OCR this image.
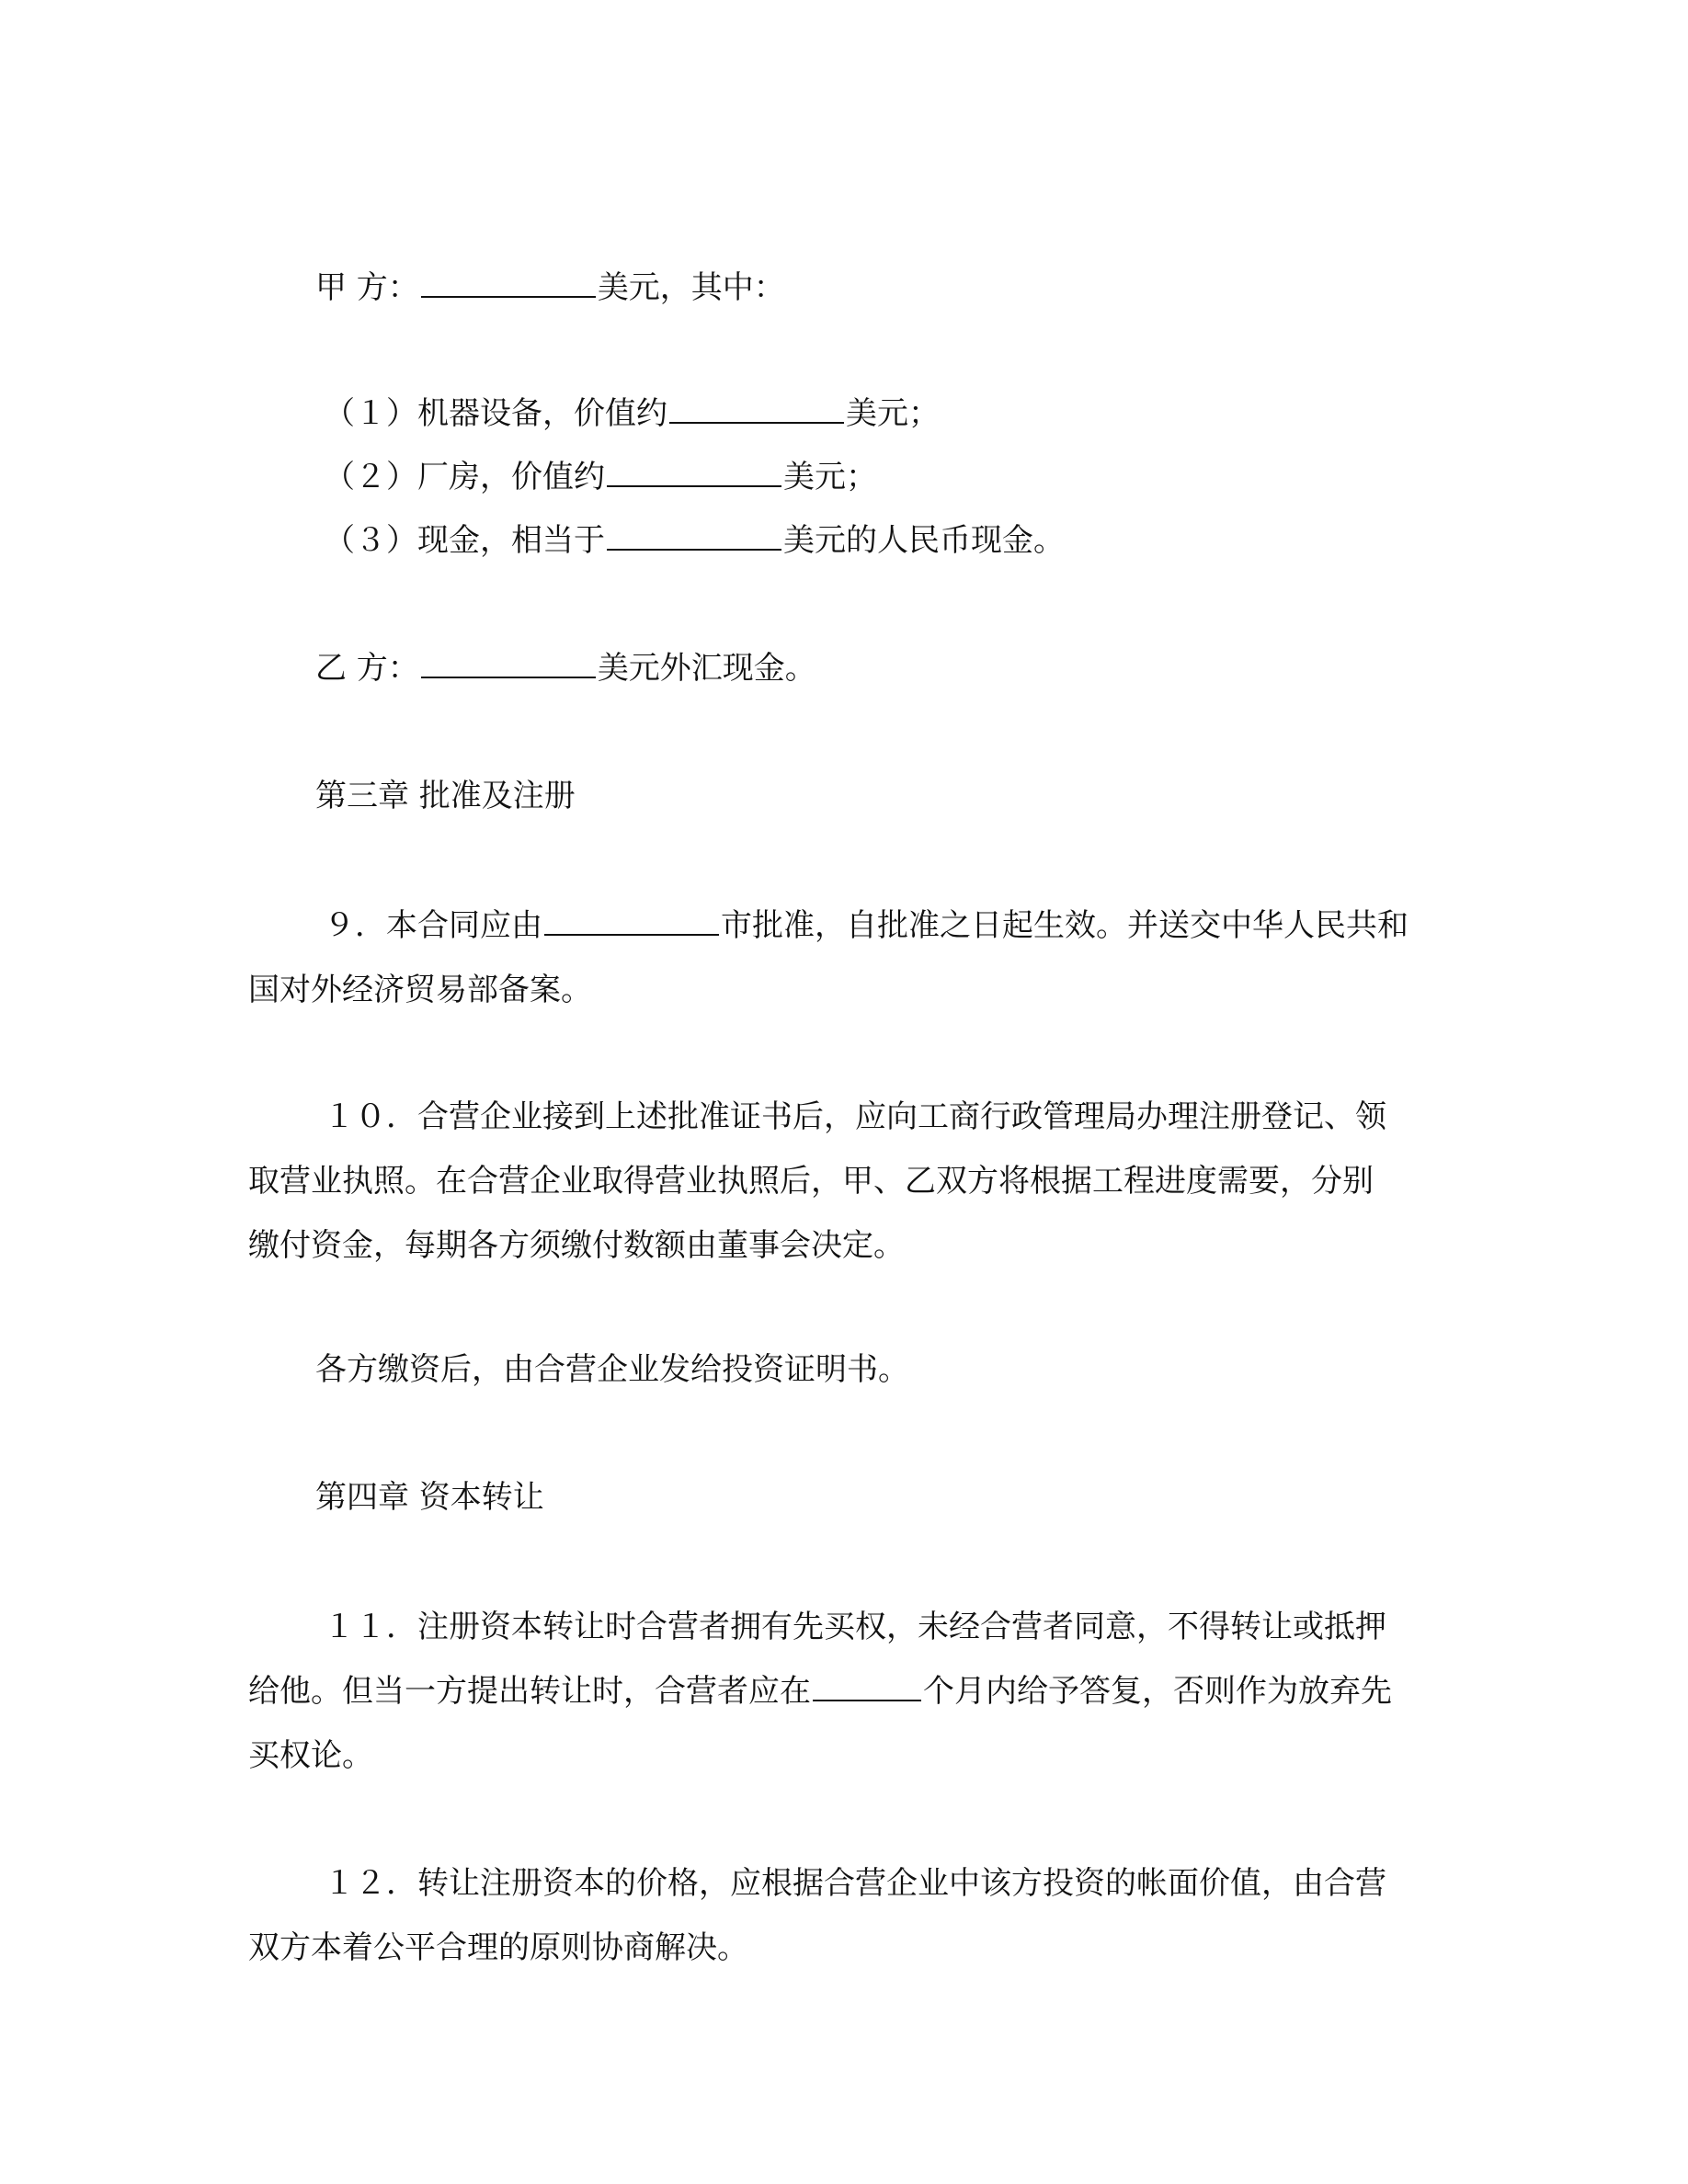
甲 方：	美元，其中：
（１）机器设备，价值约	美元；
（２）厂房，价值约	美元；
（３）现金，相当于	美元的人民币现金。
乙 方：	美元外汇现金。
第三章 批准及注册
９．本合同应由	市批准，自批准之日起生效。并送交中华人民共和
国对外经济贸易部备案。
１０．合营企业接到上述批准证书后，应向工商行政管理局办理注册登记、领
取营业执照。在合营企业取得营业执照后，甲、乙双方将根据工程进度需要，分别
缴付资金，每期各方须缴付数额由董事会决定。
各方缴资后，由合营企业发给投资证明书。
第四章 资本转让
１１．注册资本转让时合营者拥有先买权，未经合营者同意，不得转让或抵押
给他。但当一方提出转让时，合营者应在	个月内给予答复，否则作为放弃先
买权论。
１２．转让注册资本的价格，应根据合营企业中该方投资的帐面价值，由合营
双方本着公平合理的原则协商解决。
